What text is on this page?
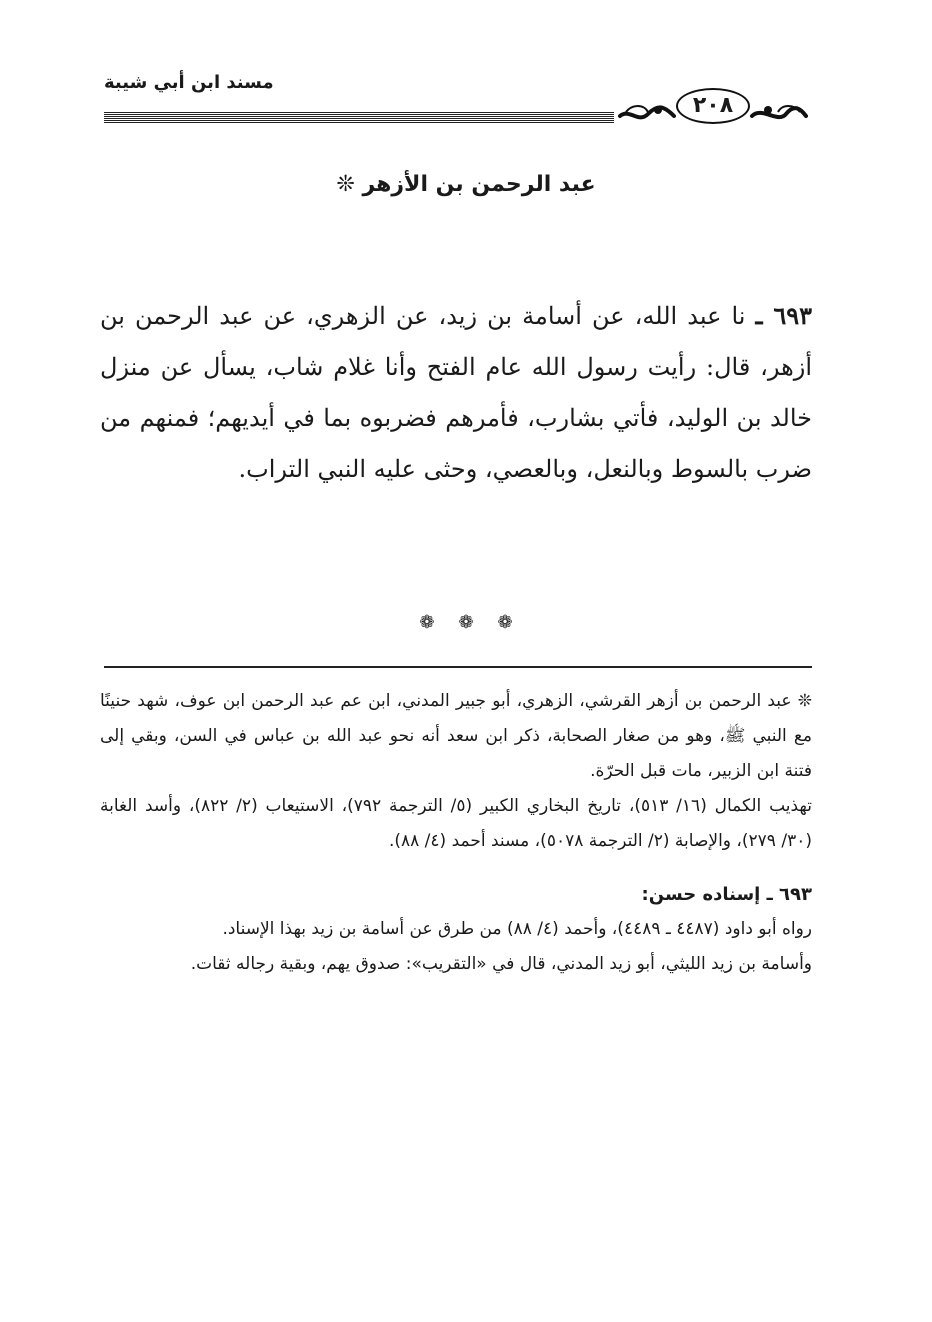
مسند ابن أبي شيبة
٢٠٨
عبد الرحمن بن الأزهر ❊
٦٩٣ ـ نا عبد الله، عن أسامة بن زيد، عن الزهري، عن عبد الرحمن بن أزهر، قال: رأيت رسول الله عام الفتح وأنا غلام شاب، يسأل عن منزل خالد بن الوليد، فأتي بشارب، فأمرهم فضربوه بما في أيديهم؛ فمنهم من ضرب بالسوط وبالنعل، وبالعصي، وحثى عليه النبي التراب.
❁ ❁ ❁

❊ عبد الرحمن بن أزهر القرشي، الزهري، أبو جبير المدني، ابن عم عبد الرحمن ابن عوف، شهد حنينًا مع النبي ﷺ، وهو من صغار الصحابة، ذكر ابن سعد أنه نحو عبد الله بن عباس في السن، وبقي إلى فتنة ابن الزبير، مات قبل الحرّة.

تهذيب الكمال (١٦/ ٥١٣)، تاريخ البخاري الكبير (٥/ الترجمة ٧٩٢)، الاستيعاب (٢/ ٨٢٢)، وأسد الغابة (٣٠/ ٢٧٩)، والإصابة (٢/ الترجمة ٥٠٧٨)، مسند أحمد (٤/ ٨٨).

٦٩٣ ـ إسناده حسن:

رواه أبو داود (٤٤٨٧ ـ ٤٤٨٩)، وأحمد (٤/ ٨٨) من طرق عن أسامة بن زيد بهذا الإسناد.

وأسامة بن زيد الليثي، أبو زيد المدني، قال في «التقريب»: صدوق يهم، وبقية رجاله ثقات.
